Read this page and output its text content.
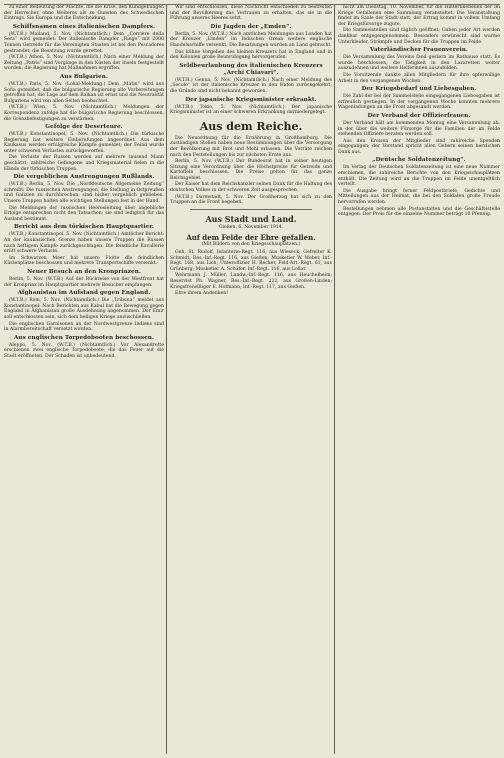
zu einer Bedeutung der Mächte, die die Krise, den Kundgebungen der Herrscher, ohne Weiteres als zu Gunsten des Schwedischen Eintrags. Sie Europa und die Entscheidung.

Schiffsnamen eines italienischen Dampfers.

(W.T.B.) Mailand, 5. Nov. (Nichtamtlich.) Dem „Corriere della Sera“ wird gemeldet: Der italienische Dampfer „Ringo“ mit 2000 Tonnen Getreide für die Vereinigten Staaten ist bei den Pescadores gestrandet; die Besatzung wurde gerettet.

(W.T.B.) Athen, 5. Nov. (Nichtamtlich.) Nach einer Meldung der Zeitung „Patris“ sind Vorgänge in den Küsten der Inseln festgestellt worden; die Regierung hat Maßnahmen ergriffen.

Aus Bulgarien.

(W.T.B.) Paris, 5. Nov. (Lokal-Meldung.) Dem „Matin“ wird aus Sofia gemeldet, daß die bulgarische Regierung alle Vorbereitungen getroffen hat; die Lage auf dem Balkan ist ernst und die Neutralität Bulgariens wird von allen Seiten beobachtet.

(W.T.B.) Wien, 5. Nov. (Nichtamtlich.) Meldungen der Korrespondenz zufolge hat die bulgarische Regierung beschlossen, die Grenzbefestigungen zu verstärken.

Gefolge der Deserteure.

(W.T.B.) Konstantinopel, 5. Nov. (Nichtamtlich.) Die türkische Regierung hat weitere Einberufungen angeordnet. Aus dem Kaukasus werden erfolgreiche Kämpfe gemeldet; der Feind wurde unter schweren Verlusten zurückgeworfen.

Die Verluste der Russen werden auf mehrere tausend Mann geschätzt; zahlreiche Gefangene und Kriegsmaterial fielen in die Hände der türkischen Truppen.

Die vergeblichen Anstrengungen Rußlands.

(W.T.B.) Berlin, 5. Nov. Die „Norddeutsche Allgemeine Zeitung“ schreibt: Die russischen Anstrengungen, die Stellung in Ostpreußen und Galizien zu durchbrechen, sind bisher vergeblich geblieben. Unsere Truppen halten alle wichtigen Stellungen fest in der Hand.

Die Meldungen der russischen Heeresleitung über angebliche Erfolge entsprechen nicht den Tatsachen; sie sind lediglich für das Ausland bestimmt.

Bericht aus dem türkischen Hauptquartier.

(W.T.B.) Konstantinopel, 5. Nov. (Nichtamtlich.) Amtlicher Bericht: An der kaukasischen Grenze haben unsere Truppen die Russen nach heftigem Kampfe zurückgeschlagen. Die feindliche Kavallerie erlitt schwere Verluste.

Im Schwarzen Meer hat unsere Flotte die feindlichen Küstenplätze beschossen und mehrere Transportschiffe versenkt.

Neuer Besuch an den Kronprinzen.

Berlin, 5. Nov. (W.T.B.) Auf der Rückreise von der Westfront hat der Kronprinz im Hauptquartier mehrere Besucher empfangen.

Afghanistan im Aufstand gegen England.

(W.T.B.) Rom, 5. Nov. (Nichtamtlich.) Die „Tribuna“ meldet aus Konstantinopel: Nach Berichten aus Kabul hat die Bewegung gegen England in Afghanistan große Ausdehnung angenommen. Der Emir soll entschlossen sein, sich dem heiligen Kriege anzuschließen.

Die englischen Garnisonen an der Nordwestgrenze Indiens sind in Alarmbereitschaft versetzt worden.

Aus englischen Torpedobooten beschossen.

Aleppo, 5. Nov. (W.T.B.) (Nichtamtlich.) Vor Alexandrette erschienen zwei englische Torpedoboote, die das Feuer auf die Stadt eröffneten. Der Schaden ist unbedeutend.

Wir sind entschlossen, diese Nachricht entschieden zu bestreiten und der Bevölkerung das Vertrauen zu erhalten, das sie in die Führung unseres Heeres setzt.

Die Jagden der „Emden“.

Berlin, 5. Nov. (W.T.B.) Nach amtlichen Meldungen aus London hat der Kreuzer „Emden“ im Indischen Ozean weitere englische Handelsschiffe versenkt. Die Besatzungen wurden an Land gebracht.

Das kühne Vorgehen des kleinen Kreuzers hat in England und in den Kolonien große Beunruhigung hervorgerufen.

Seldbeurlaubung des italienischen Kreuzers „Archi Chiavari“.

(W.T.B.) Genua, 5. Nov. (Nichtamtlich.) Nach einer Meldung des „Secolo“ ist der italienische Kreuzer in den Hafen zurückgekehrt; die Gründe sind nicht bekannt geworden.

Der japanische Kriegsminister erkrankt.

(W.T.B.) Tokio, 5. Nov. (Nichtamtlich.) Der japanische Kriegsminister ist an einer schweren Erkrankung darniedergelegt.

Aus dem Reiche.

Die Neuordnung für die Ernährung in Großhamburg. Die zuständigen Stellen haben neue Bestimmungen über die Versorgung der Bevölkerung mit Brot und Mehl erlassen. Die Vorräte reichen nach den Feststellungen bis zur nächsten Ernte aus.

Berlin, 5. Nov. (W.T.B.) Der Bundesrat hat in seiner heutigen Sitzung eine Verordnung über die Höchstpreise für Getreide und Kartoffeln beschlossen. Die Preise gelten für das ganze Reichsgebiet.

Der Kaiser hat dem Reichskanzler seinen Dank für die Haltung des deutschen Volkes in der schweren Zeit ausgesprochen.

(W.T.B.) Darmstadt, 5. Nov. Der Großherzog hat sich zu den Truppen an die Front begeben.

Aus Stadt und Land.
Gießen, 6. November 1914.
Auf dem Felde der Ehre gefallen.
(Mit Bildern von den Kriegsschauplätzen.)

Geh. St. Rudolf, Infanterie-Regt. 116, aus Wieseck; Gefreiter K. Schmidt, Res.-Inf.-Regt. 116, aus Gießen; Musketier W. Weber, Inf.-Regt. 168, aus Lich; Unteroffizier H. Becker, Feld-Art.-Regt. 61, aus Grünberg; Musketier A. Schäfer, Inf.-Regt. 116, aus Lollar.

Wehrmann J. Müller, Landw.-Inf.-Regt. 116, aus Heuchelheim; Reservist Ph. Wagner, Res.-Inf.-Regt. 222, aus Großen-Linden; Kriegsfreiwilliger E. Hofmann, Inf.-Regt. 117, aus Gießen.

Ehre ihrem Andenken!

nicht am Dienstag, 10. November, für die Hinterbliebenen der im Kriege Gefallenen eine Sammlung veranstaltet. Die Veranstaltung findet im Saale der Stadt statt; der Ertrag kommt in vollem Umfang der Kriegsfürsorge zugute.

Die Sammelstellen sind täglich geöffnet; Gaben jeder Art werden dankbar entgegengenommen. Besonders erwünscht sind warme Unterkleider, Strümpfe und Decken für die Truppen im Felde.

Vaterländischer Frauenverein.

Die Versammlung des Vereins fand gestern im Rathause statt. Es wurde beschlossen, die Tätigkeit in den Lazaretten weiter auszudehnen und weitere Helferinnen auszubilden.

Die Vorsitzende dankte allen Mitgliedern für ihre opferwillige Arbeit in den vergangenen Wochen.

Der Kriegsbedarf und Liebesgaben.

Die Zahl der bei der Sammelstelle eingegangenen Liebesgaben ist erfreulich gestiegen. In der vergangenen Woche konnten mehrere Wagenladungen an die Front abgesandt werden.

Der Verband der Offizierfrauen.

Der Verband hält am kommenden Montag eine Versammlung ab, in der über die weitere Fürsorge für die Familien der im Felde stehenden Offiziere beraten werden soll.

Aus den Kreisen der Mitglieder sind zahlreiche Spenden eingegangen; der Vorstand spricht allen Gebern seinen herzlichen Dank aus.

„Deutsche Soldatenzeitung“.

Im Verlag der Deutschen Soldatenzeitung ist eine neue Nummer erschienen, die zahlreiche Berichte von den Kriegsschauplätzen enthält. Die Zeitung wird an die Truppen im Felde unentgeltlich verteilt.

Die Ausgabe bringt ferner Feldpostbriefe, Gedichte und Mitteilungen aus der Heimat, die bei den Soldaten große Freude hervorrufen werden.

Bestellungen nehmen alle Postanstalten und die Geschäftsstelle entgegen. Der Preis für die einzelne Nummer beträgt 10 Pfennig.
